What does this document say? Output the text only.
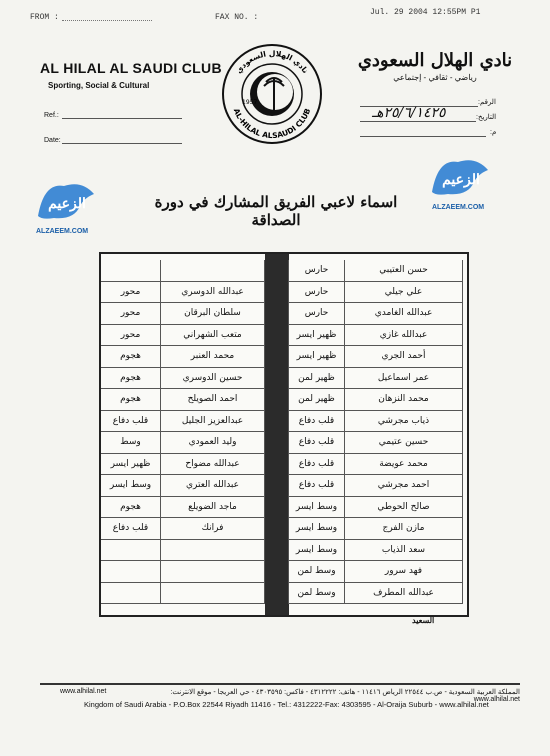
FROM :	FAX NO. :
Jul. 29 2004 12:55PM P1
AL HILAL AL SAUDI CLUB
Sporting, Social & Cultural
Ref.:
Date:
نادي الهلال السعودي
AL-HILAL ALSAUDI CLUB
1957
نادي الهلال السعودي
رياضي - ثقافي - إجتماعي
الرقم:
التاريخ:
٢٥/٦/١٤٢٥هـ
م:
الزعيم
ALZAEEM.COM
الزعيم
ALZAEEM.COM
اسماء لاعبي الفريق المشارك في دورة الصداقة
حارس	حسن العتيبي
محور	عبدالله الدوسري	حارس	علي جيلي
محور	سلطان البرقان	حارس	عبدالله الغامدي
محور	متعب الشهراني	ظهير ايسر	عبدالله غازي
هجوم	محمد العنبر	ظهير ايسر	أحمد الجري
هجوم	حسين الدوسري	ظهير لمن	عمر اسماعيل
هجوم	احمد الصويلح	ظهير لمن	محمد النزهان
قلب دفاع	عبدالعزيز الجليل	قلب دفاع	ذياب مجرشي
وسط	وليد العمودي	قلب دفاع	حسين عتيمي
ظهير ايسر	عبدالله مضواح	قلب دفاع	محمد عويضة
وسط ايسر	عبدالله العتري	قلب دفاع	احمد مجرشي
هجوم	ماجد الضويلع	وسط ايسر	صالح الحوطي
قلب دفاع	فرانك	وسط ايسر	مازن الفرج
وسط ايسر	سعد الذياب
وسط لمن	فهد سرور
وسط لمن	عبدالله المطرف
السعيد
www.alhilal.net	المملكة العربية السعودية - ص.ب ٢٢٥٤٤ الرياض ١١٤١٦ - هاتف: ٤٣١٢٢٢٢ - فاكس: ٤٣٠٣٥٩٥ - حي العريجا - موقع الانترنت: www.alhilal.net
Kingdom of Saudi Arabia - P.O.Box 22544 Riyadh 11416 - Tel.: 4312222-Fax: 4303595 - Al-Oraija Suburb - www.alhilal.net
